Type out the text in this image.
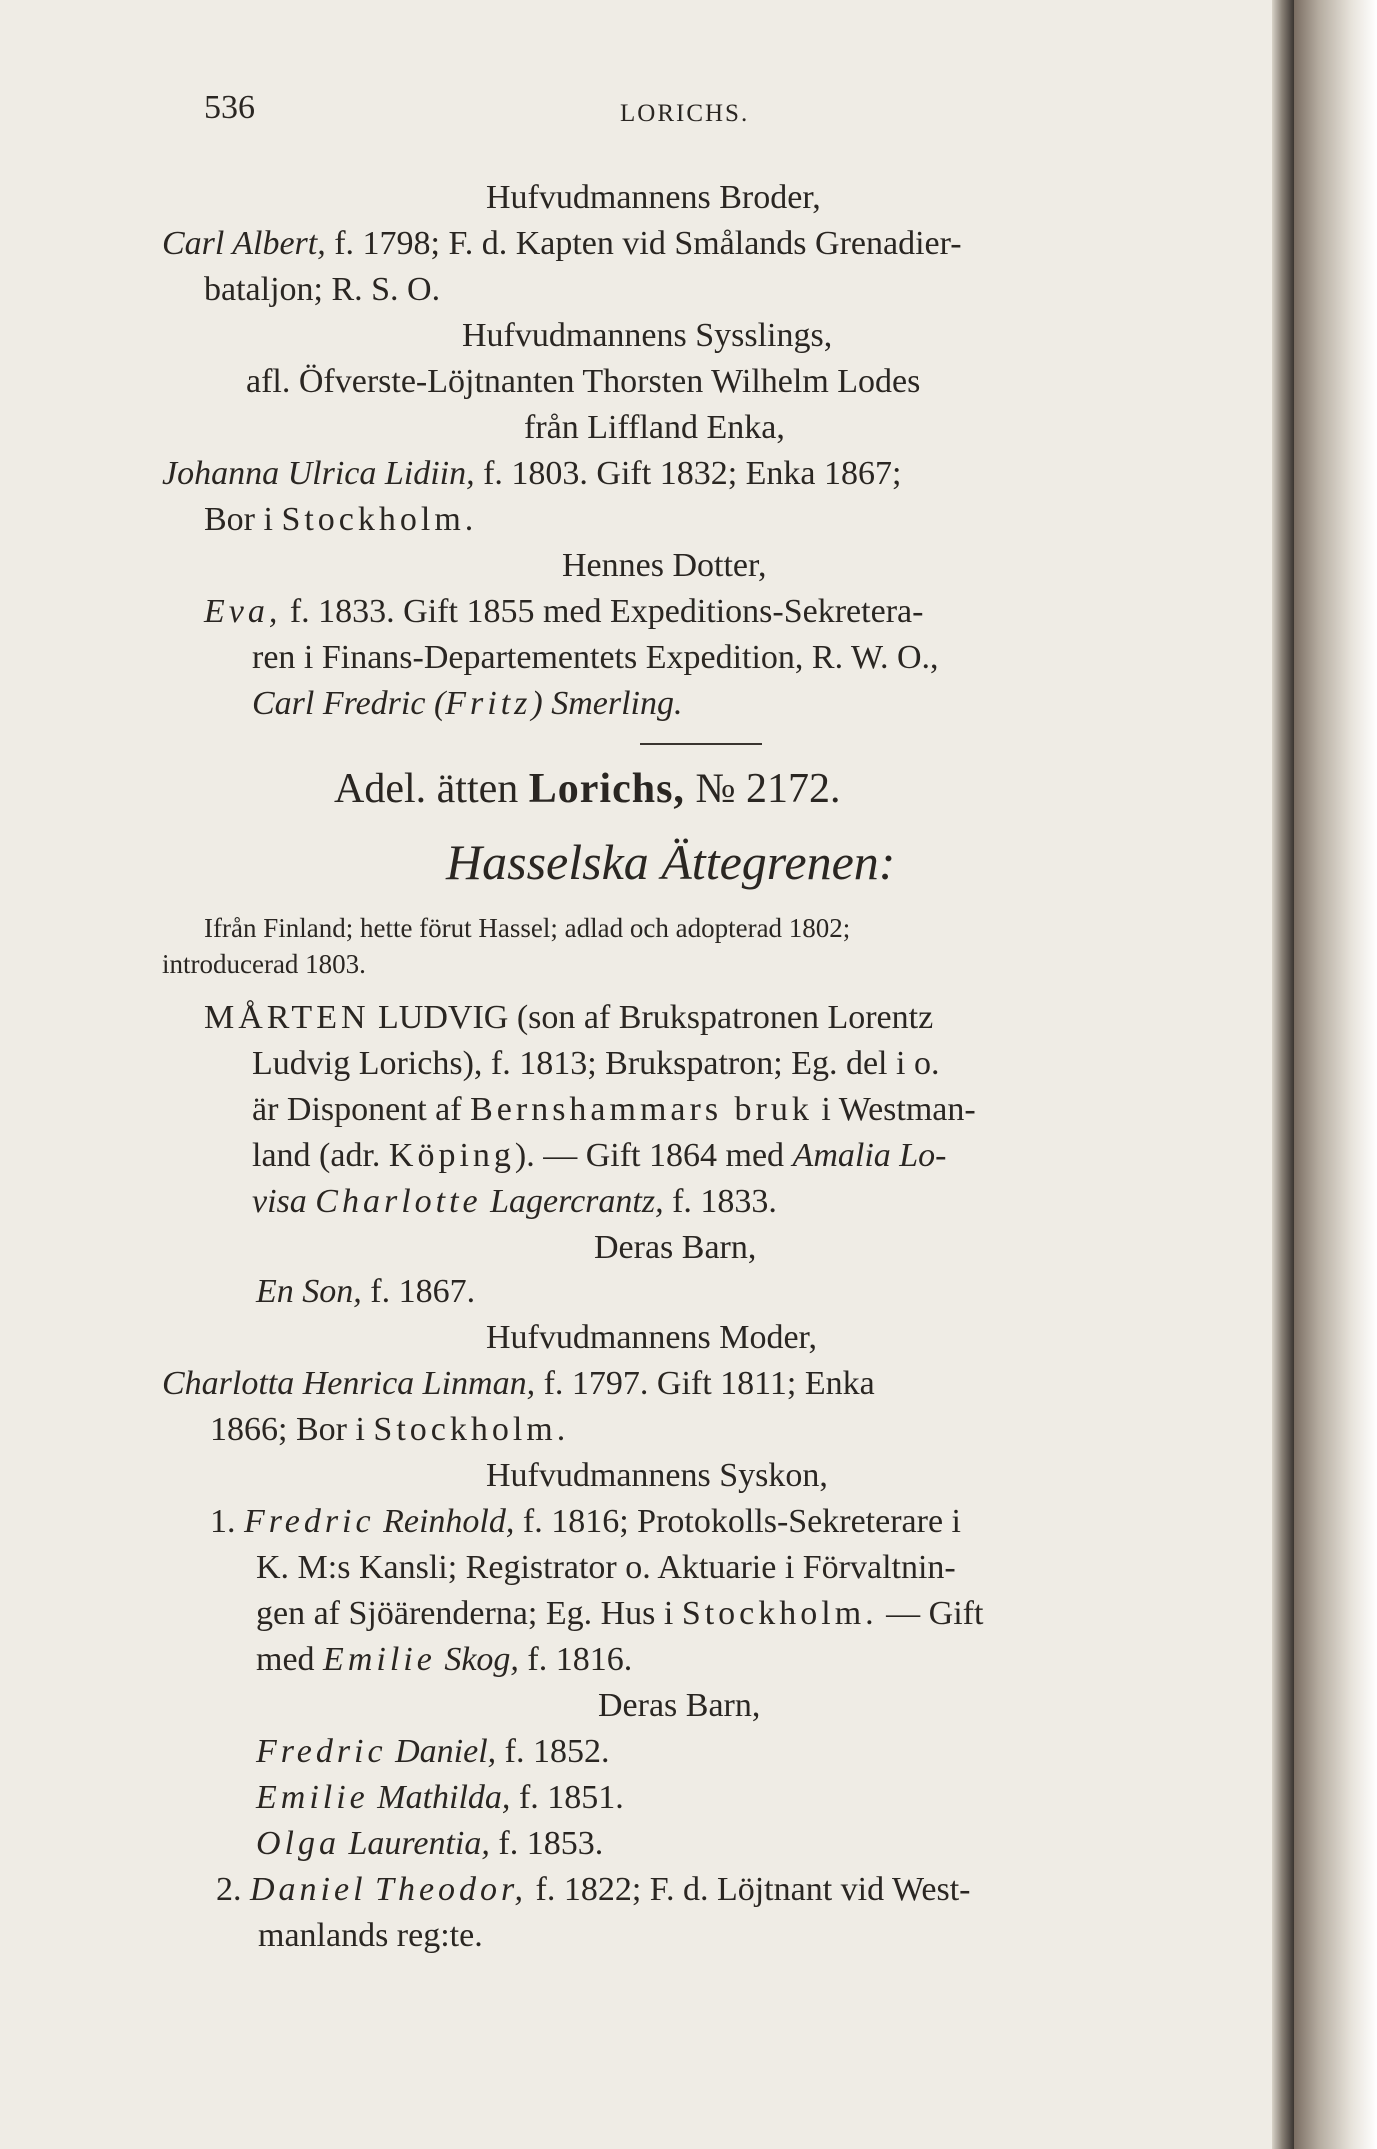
536	LORICHS.
Hufvudmannens Broder,
Carl Albert, f. 1798; F. d. Kapten vid Smålands Grenadier-
bataljon; R. S. O.
Hufvudmannens Sysslings,
afl. Öfverste-Löjtnanten Thorsten Wilhelm Lodes
från Liffland Enka,
Johanna Ulrica Lidiin, f. 1803. Gift 1832; Enka 1867;
Bor i Stockholm.
Hennes Dotter,
Eva, f. 1833. Gift 1855 med Expeditions-Sekretera-
ren i Finans-Departementets Expedition, R. W. O.,
Carl Fredric (Fritz) Smerling.
Adel. ätten Lorichs, № 2172.
Hasselska Ättegrenen:
Ifrån Finland; hette förut Hassel; adlad och adopterad 1802;
introducerad 1803.
MÅRTEN LUDVIG (son af Brukspatronen Lorentz
Ludvig Lorichs), f. 1813; Brukspatron; Eg. del i o.
är Disponent af Bernshammars bruk i Westman-
land (adr. Köping). — Gift 1864 med Amalia Lo-
visa Charlotte Lagercrantz, f. 1833.
Deras Barn,
En Son, f. 1867.
Hufvudmannens Moder,
Charlotta Henrica Linman, f. 1797. Gift 1811; Enka
1866; Bor i Stockholm.
Hufvudmannens Syskon,
1. Fredric Reinhold, f. 1816; Protokolls-Sekreterare i
K. M:s Kansli; Registrator o. Aktuarie i Förvaltnin-
gen af Sjöärenderna; Eg. Hus i Stockholm. — Gift
med Emilie Skog, f. 1816.
Deras Barn,
Fredric Daniel, f. 1852.
Emilie Mathilda, f. 1851.
Olga Laurentia, f. 1853.
2. Daniel Theodor, f. 1822; F. d. Löjtnant vid West-
manlands reg:te.
